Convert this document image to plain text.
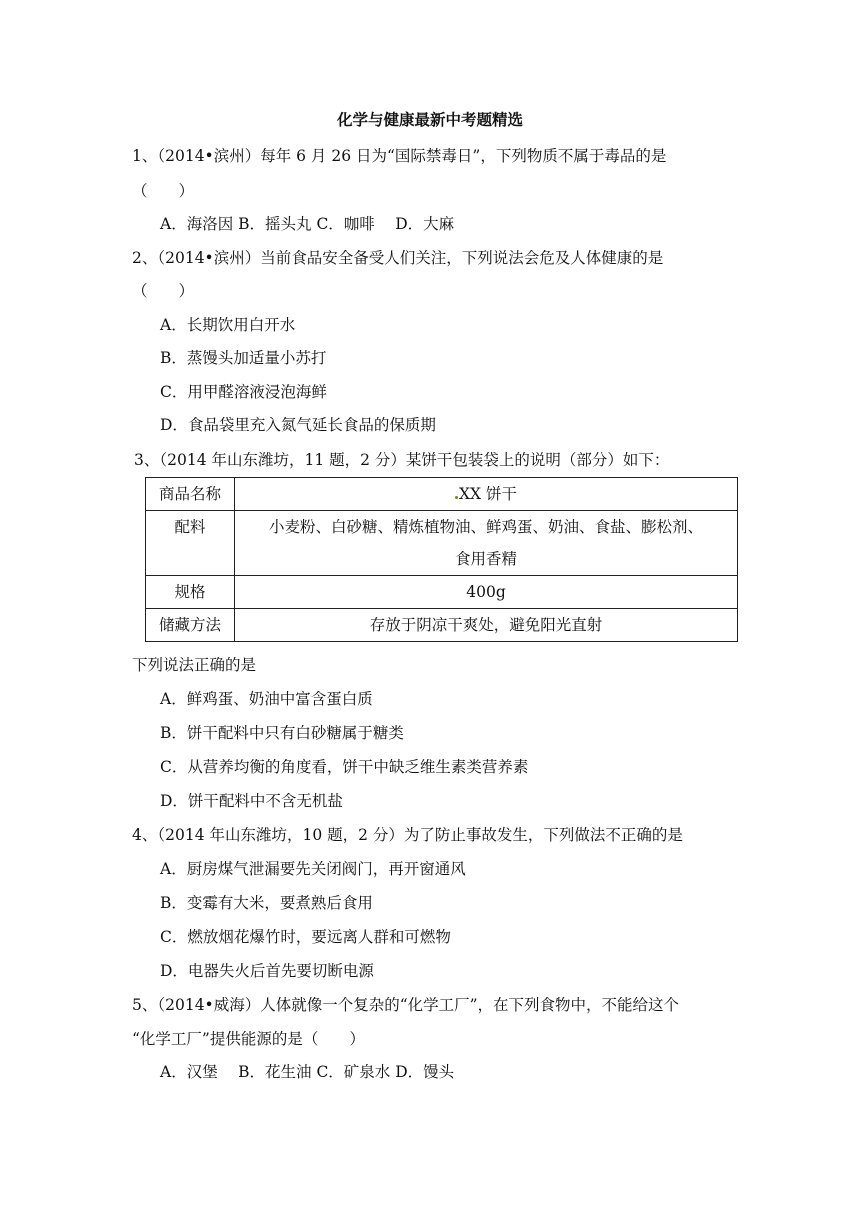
化学与健康最新中考题精选
1、（2014•滨州）每年 6 月 26 日为“国际禁毒日”，下列物质不属于毒品的是
（　　）
A．海洛因 B．摇头丸 C．咖啡　 D．大麻
2、（2014•滨州）当前食品安全备受人们关注，下列说法会危及人体健康的是
（　　）
A．长期饮用白开水
B．蒸馒头加适量小苏打
C．用甲醛溶液浸泡海鲜
D．食品袋里充入氮气延长食品的保质期
3、（2014 年山东潍坊，11 题，2 分）某饼干包装袋上的说明（部分）如下：
商品名称	XX 饼干
配料	小麦粉、白砂糖、精炼植物油、鲜鸡蛋、奶油、食盐、膨松剂、
食用香精

规格	400g
储藏方法	存放于阴凉干爽处，避免阳光直射
下列说法正确的是
A．鲜鸡蛋、奶油中富含蛋白质
B．饼干配料中只有白砂糖属于糖类
C．从营养均衡的角度看，饼干中缺乏维生素类营养素
D．饼干配料中不含无机盐
4、（2014 年山东潍坊，10 题，2 分）为了防止事故发生，下列做法不正确的是
A．厨房煤气泄漏要先关闭阀门，再开窗通风
B．变霉有大米，要煮熟后食用
C．燃放烟花爆竹时，要远离人群和可燃物
D．电器失火后首先要切断电源
5、（2014•威海）人体就像一个复杂的“化学工厂”，在下列食物中，不能给这个
“化学工厂”提供能源的是（　　）
A．汉堡　 B．花生油 C．矿泉水 D．馒头
